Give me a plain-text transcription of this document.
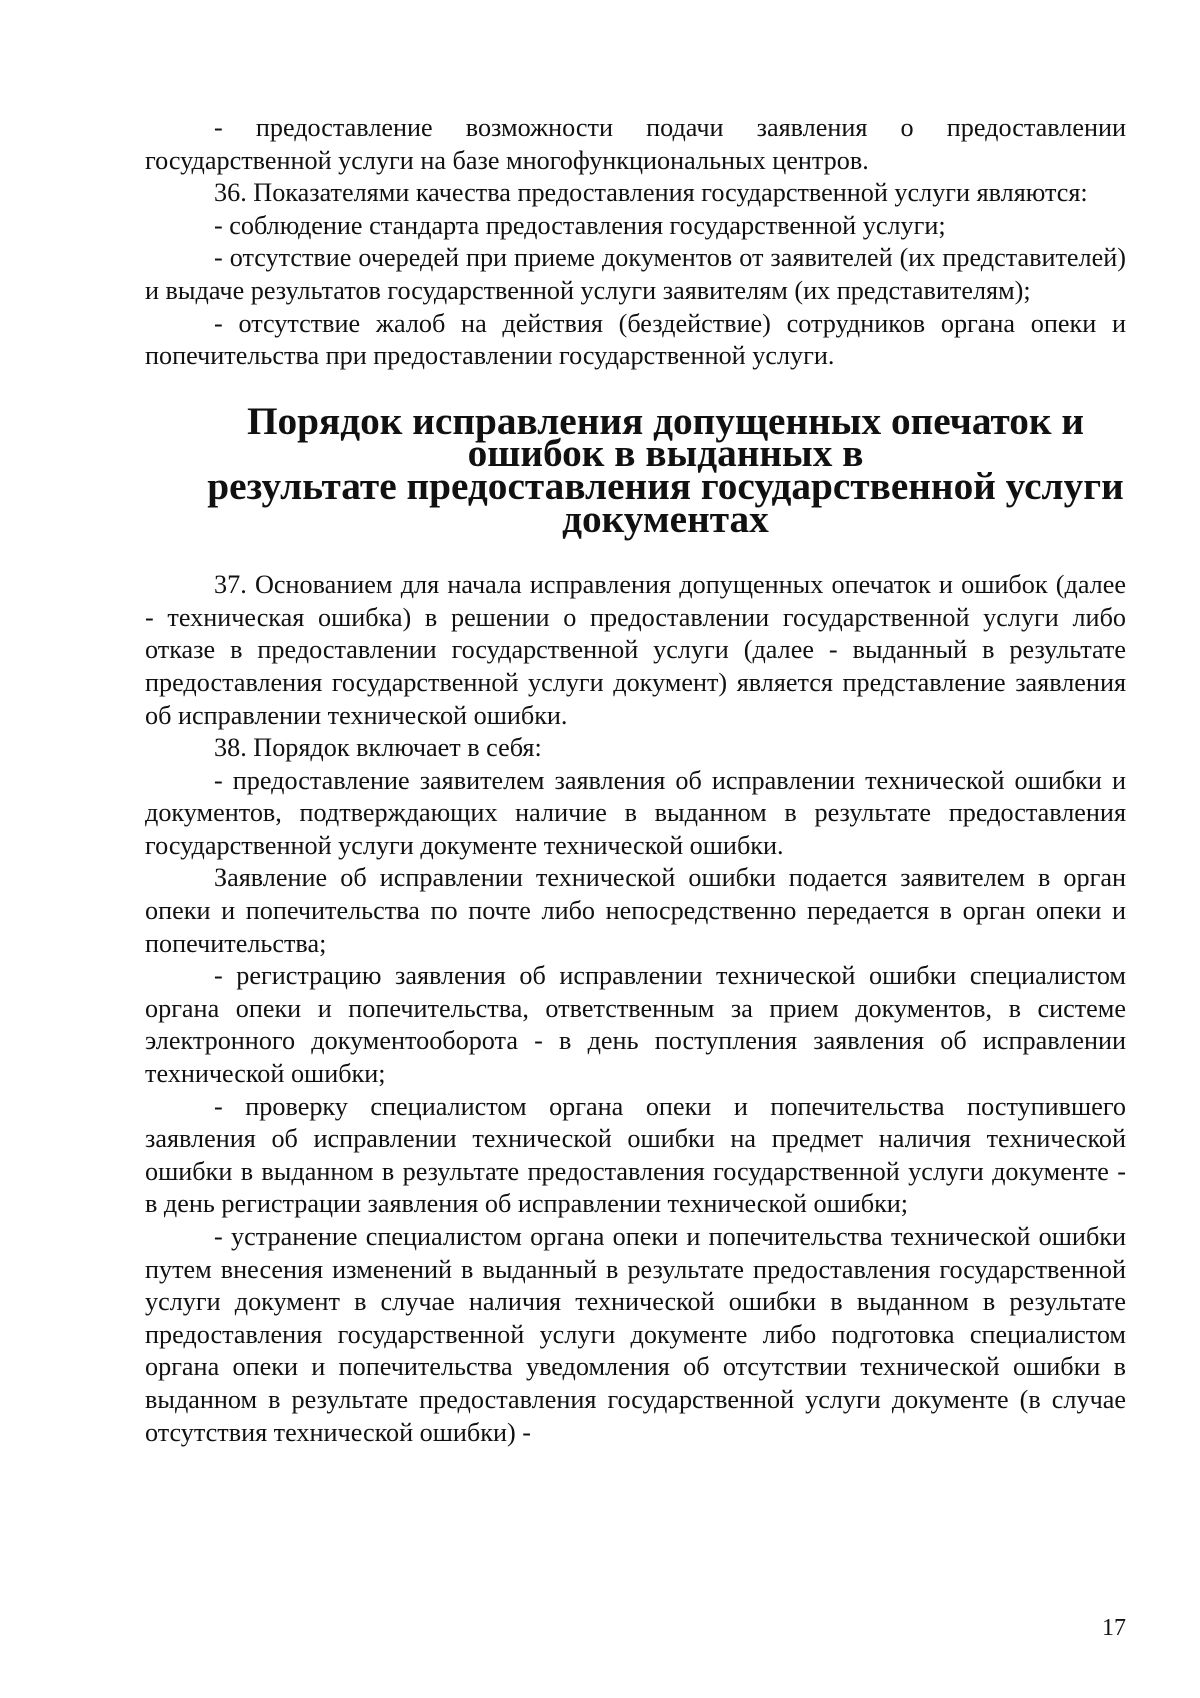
- предоставление возможности подачи заявления о предоставлении государственной услуги на базе многофункциональных центров.

36. Показателями качества предоставления государственной услуги являются:

- соблюдение стандарта предоставления государственной услуги;

- отсутствие очередей при приеме документов от заявителей (их представителей) и выдаче результатов государственной услуги заявителям (их представителям);

- отсутствие жалоб на действия (бездействие) сотрудников органа опеки и попечительства при предоставлении государственной услуги.

Порядок исправления допущенных опечаток и ошибок в выданных в
результате предоставления государственной услуги
документах

37. Основанием для начала исправления допущенных опечаток и ошибок (далее - техническая ошибка) в решении о предоставлении государственной услуги либо отказе в предоставлении государственной услуги (далее - выданный в результате предоставления государственной услуги документ) является представление заявления об исправлении технической ошибки.

38. Порядок включает в себя:

- предоставление заявителем заявления об исправлении технической ошибки и документов, подтверждающих наличие в выданном в результате предоставления государственной услуги документе технической ошибки.

Заявление об исправлении технической ошибки подается заявителем в орган опеки и попечительства по почте либо непосредственно передается в орган опеки и попечительства;

- регистрацию заявления об исправлении технической ошибки специалистом органа опеки и попечительства, ответственным за прием документов, в системе электронного документооборота - в день поступления заявления об исправлении технической ошибки;

- проверку специалистом органа опеки и попечительства поступившего заявления об исправлении технической ошибки на предмет наличия технической ошибки в выданном в результате предоставления государственной услуги документе - в день регистрации заявления об исправлении технической ошибки;

- устранение специалистом органа опеки и попечительства технической ошибки путем внесения изменений в выданный в результате предоставления государственной услуги документ в случае наличия технической ошибки в выданном в результате предоставления государственной услуги документе либо подготовка специалистом органа опеки и попечительства уведомления об отсутствии технической ошибки в выданном в результате предоставления государственной услуги документе (в случае отсутствия технической ошибки) -

17
